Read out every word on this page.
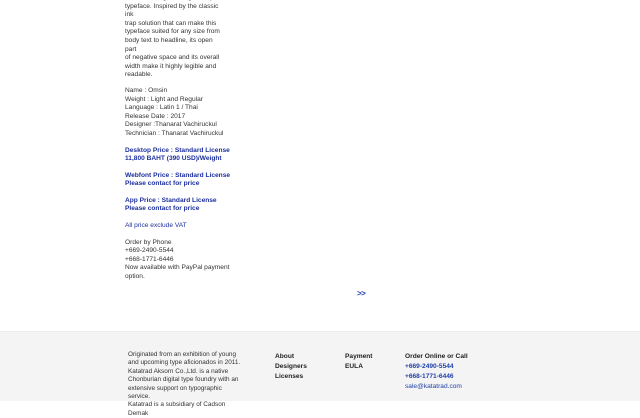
typeface. Inspired by the classic ink

trap solution that can make this

typeface suited for any size from

body text to headline, its open part

of negative space and its overall

width make it highly legible and

readable.

Name : Omsin
Weight : Light and Regular
Language : Latin 1 / Thai
Release Date : 2017
Designer :Thanarat Vachiruckul
Technician : Thanarat Vachiruckul
Desktop Price : Standard License
11,800 BAHT (390 USD)/Weight
Webfont Price : Standard License
Please contact for price
App Price : Standard License
Please contact for price
All price exclude VAT
Order by Phone
+669-2490-5544
+668-1771-6446
Now available with PayPal payment
option.
>>

Originated from an exhibition of young
and upcoming type aficionados in 2011.
Katatrad Aksorn Co.,Ltd. is a native
Chonburian digital type foundry with an
extensive support on typographic service.
Katatrad is a subsidiary of Cadson Demak

About
Designers
Licenses
Payment
EULA
Order Online or Call
+669-2490-5544
+668-1771-6446
sale@katatrad.com
